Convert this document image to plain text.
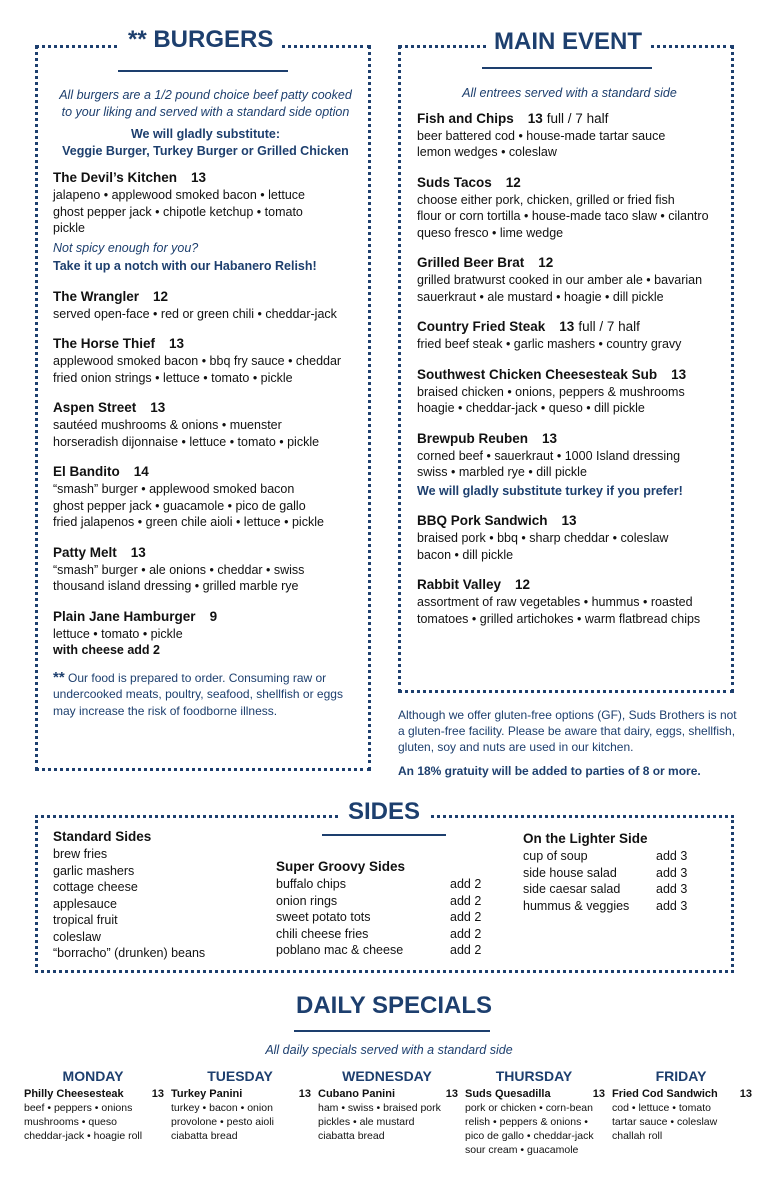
** BURGERS
All burgers are a 1/2 pound choice beef patty cooked to your liking and served with a standard side option
We will gladly substitute:
Veggie Burger, Turkey Burger or Grilled Chicken
The Devil’s Kitchen 13
jalapeno • applewood smoked bacon • lettuce
ghost pepper jack • chipotle ketchup • tomato
pickle
Not spicy enough for you?
Take it up a notch with our Habanero Relish!
The Wrangler 12
served open-face • red or green chili • cheddar-jack
The Horse Thief 13
applewood smoked bacon • bbq fry sauce • cheddar
fried onion strings • lettuce • tomato • pickle
Aspen Street 13
sautéed mushrooms & onions • muenster
horseradish dijonnaise • lettuce • tomato • pickle
El Bandito 14
“smash” burger • applewood smoked bacon
ghost pepper jack • guacamole • pico de gallo
fried jalapenos • green chile aioli • lettuce • pickle
Patty Melt 13
“smash” burger • ale onions • cheddar • swiss
thousand island dressing • grilled marble rye
Plain Jane Hamburger 9
lettuce • tomato • pickle
with cheese add 2
** Our food is prepared to order. Consuming raw or undercooked meats, poultry, seafood, shellfish or eggs may increase the risk of foodborne illness.
MAIN EVENT
All entrees served with a standard side
Fish and Chips 13 full / 7 half
beer battered cod • house-made tartar sauce
lemon wedges • coleslaw
Suds Tacos 12
choose either pork, chicken, grilled or fried fish
flour or corn tortilla • house-made taco slaw • cilantro
queso fresco • lime wedge
Grilled Beer Brat 12
grilled bratwurst cooked in our amber ale • bavarian
sauerkraut • ale mustard • hoagie • dill pickle
Country Fried Steak 13 full / 7 half
fried beef steak • garlic mashers • country gravy
Southwest Chicken Cheesesteak Sub 13
braised chicken • onions, peppers & mushrooms
hoagie • cheddar-jack • queso • dill pickle
Brewpub Reuben 13
corned beef • sauerkraut • 1000 Island dressing
swiss • marbled rye • dill pickle
We will gladly substitute turkey if you prefer!
BBQ Pork Sandwich 13
braised pork • bbq • sharp cheddar • coleslaw
bacon • dill pickle
Rabbit Valley 12
assortment of raw vegetables • hummus • roasted
tomatoes • grilled artichokes • warm flatbread chips
Although we offer gluten-free options (GF), Suds Brothers is not a gluten-free facility. Please be aware that dairy, eggs, shellfish, gluten, soy and nuts are used in our kitchen.
An 18% gratuity will be added to parties of 8 or more.
SIDES
Standard Sides
brew fries
garlic mashers
cottage cheese
applesauce
tropical fruit
coleslaw
“borracho” (drunken) beans
Super Groovy Sides
buffalo chips	add 2
onion rings	add 2
sweet potato tots	add 2
chili cheese fries	add 2
poblano mac & cheese	add 2
On the Lighter Side
cup of soup	add 3
side house salad	add 3
side caesar salad	add 3
hummus & veggies	add 3
DAILY SPECIALS
All daily specials served with a standard side
MONDAY
Philly Cheesesteak	13
beef • peppers • onions
mushrooms • queso
cheddar-jack • hoagie roll
TUESDAY
Turkey Panini	13
turkey • bacon • onion
provolone • pesto aioli
ciabatta bread
WEDNESDAY
Cubano Panini	13
ham • swiss • braised pork
pickles • ale mustard
ciabatta bread
THURSDAY
Suds Quesadilla	13
pork or chicken • corn-bean
relish • peppers & onions •
pico de gallo • cheddar-jack
sour cream • guacamole
FRIDAY
Fried Cod Sandwich 13
cod • lettuce • tomato
tartar sauce • coleslaw
challah roll
